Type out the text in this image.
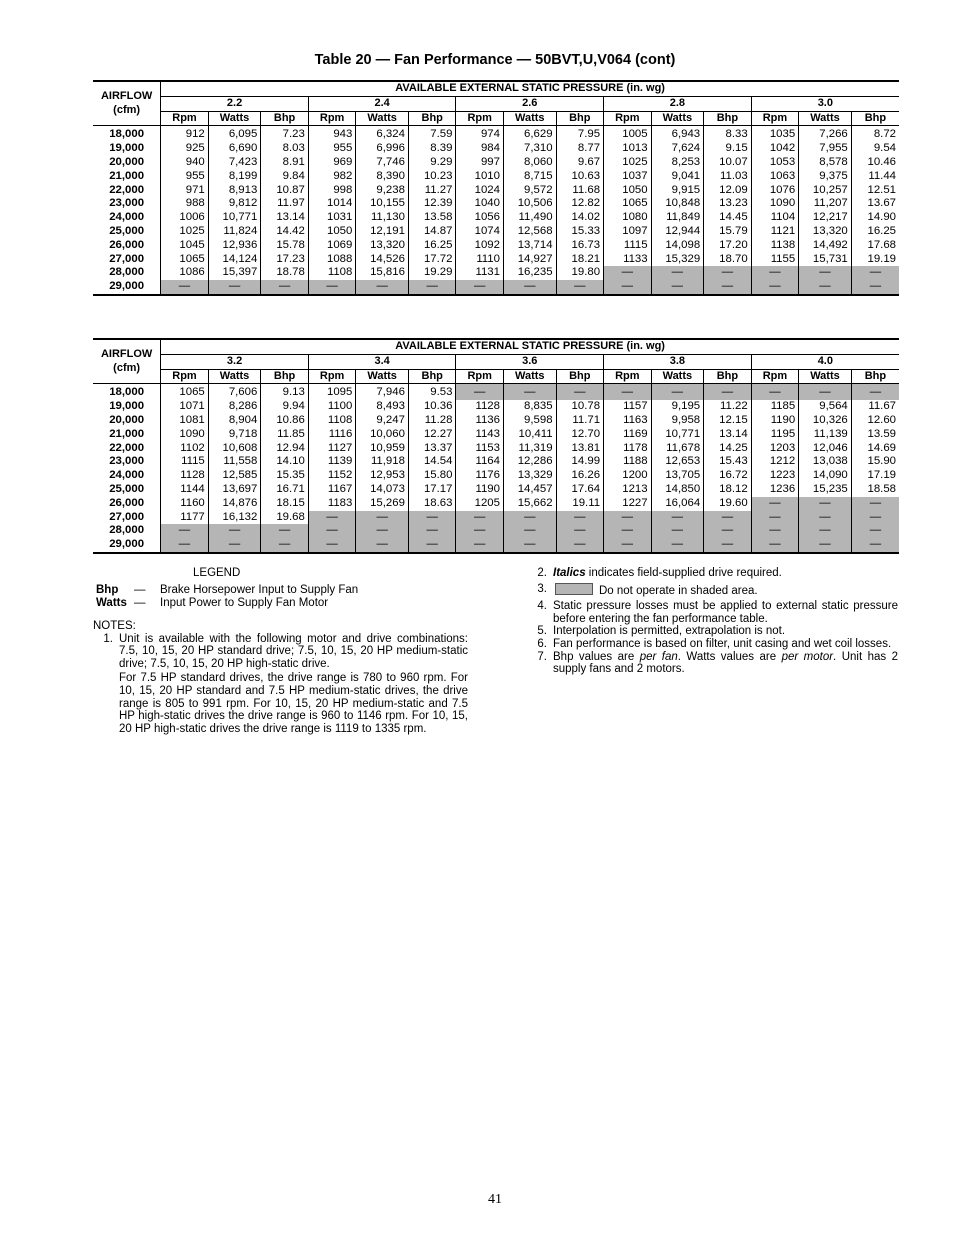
Table 20 — Fan Performance — 50BVT,U,V064 (cont)
AIRFLOW
(cfm)	AVAILABLE EXTERNAL STATIC PRESSURE (in. wg)														
	2.2			2.4			2.6			2.8			3.0		
	Rpm	Watts	Bhp	Rpm	Watts	Bhp	Rpm	Watts	Bhp	Rpm	Watts	Bhp	Rpm	Watts	Bhp
18,000	912	6,095	7.23	943	6,324	7.59	974	6,629	7.95	1005	6,943	8.33	1035	7,266	8.72
19,000	925	6,690	8.03	955	6,996	8.39	984	7,310	8.77	1013	7,624	9.15	1042	7,955	9.54
20,000	940	7,423	8.91	969	7,746	9.29	997	8,060	9.67	1025	8,253	10.07	1053	8,578	10.46
21,000	955	8,199	9.84	982	8,390	10.23	1010	8,715	10.63	1037	9,041	11.03	1063	9,375	11.44
22,000	971	8,913	10.87	998	9,238	11.27	1024	9,572	11.68	1050	9,915	12.09	1076	10,257	12.51
23,000	988	9,812	11.97	1014	10,155	12.39	1040	10,506	12.82	1065	10,848	13.23	1090	11,207	13.67
24,000	1006	10,771	13.14	1031	11,130	13.58	1056	11,490	14.02	1080	11,849	14.45	1104	12,217	14.90
25,000	1025	11,824	14.42	1050	12,191	14.87	1074	12,568	15.33	1097	12,944	15.79	1121	13,320	16.25
26,000	1045	12,936	15.78	1069	13,320	16.25	1092	13,714	16.73	1115	14,098	17.20	1138	14,492	17.68
27,000	1065	14,124	17.23	1088	14,526	17.72	1110	14,927	18.21	1133	15,329	18.70	1155	15,731	19.19
28,000	1086	15,397	18.78	1108	15,816	19.29	1131	16,235	19.80	—	—	—	—	—	—
29,000	—	—	—	—	—	—	—	—	—	—	—	—	—	—	—
AIRFLOW
(cfm)	AVAILABLE EXTERNAL STATIC PRESSURE (in. wg)														
	3.2			3.4			3.6			3.8			4.0		
	Rpm	Watts	Bhp	Rpm	Watts	Bhp	Rpm	Watts	Bhp	Rpm	Watts	Bhp	Rpm	Watts	Bhp
18,000	1065	7,606	9.13	1095	7,946	9.53	—	—	—	—	—	—	—	—	—
19,000	1071	8,286	9.94	1100	8,493	10.36	1128	8,835	10.78	1157	9,195	11.22	1185	9,564	11.67
20,000	1081	8,904	10.86	1108	9,247	11.28	1136	9,598	11.71	1163	9,958	12.15	1190	10,326	12.60
21,000	1090	9,718	11.85	1116	10,060	12.27	1143	10,411	12.70	1169	10,771	13.14	1195	11,139	13.59
22,000	1102	10,608	12.94	1127	10,959	13.37	1153	11,319	13.81	1178	11,678	14.25	1203	12,046	14.69
23,000	1115	11,558	14.10	1139	11,918	14.54	1164	12,286	14.99	1188	12,653	15.43	1212	13,038	15.90
24,000	1128	12,585	15.35	1152	12,953	15.80	1176	13,329	16.26	1200	13,705	16.72	1223	14,090	17.19
25,000	1144	13,697	16.71	1167	14,073	17.17	1190	14,457	17.64	1213	14,850	18.12	1236	15,235	18.58
26,000	1160	14,876	18.15	1183	15,269	18.63	1205	15,662	19.11	1227	16,064	19.60	—	—	—
27,000	1177	16,132	19.68	—	—	—	—	—	—	—	—	—	—	—	—
28,000	—	—	—	—	—	—	—	—	—	—	—	—	—	—	—
29,000	—	—	—	—	—	—	—	—	—	—	—	—	—	—	—
LEGEND
Bhp — Brake Horsepower Input to Supply Fan
Watts — Input Power to Supply Fan Motor
NOTES:
1. Unit is available with the following motor and drive combinations: 7.5, 10, 15, 20 HP standard drive; 7.5, 10, 15, 20 HP medium-static drive; 7.5, 10, 15, 20 HP high-static drive.
For 7.5 HP standard drives, the drive range is 780 to 960 rpm. For 10, 15, 20 HP standard and 7.5 HP medium-static drives, the drive range is 805 to 991 rpm. For 10, 15, 20 HP medium-static and 7.5 HP high-static drives the drive range is 960 to 1146 rpm. For 10, 15, 20 HP high-static drives the drive range is 1119 to 1335 rpm.
2. Italics indicates field-supplied drive required.
3.	Do not operate in shaded area.
4. Static pressure losses must be applied to external static pressure before entering the fan performance table.
5. Interpolation is permitted, extrapolation is not.
6. Fan performance is based on filter, unit casing and wet coil losses.
7. Bhp values are per fan. Watts values are per motor. Unit has 2 supply fans and 2 motors.
41
